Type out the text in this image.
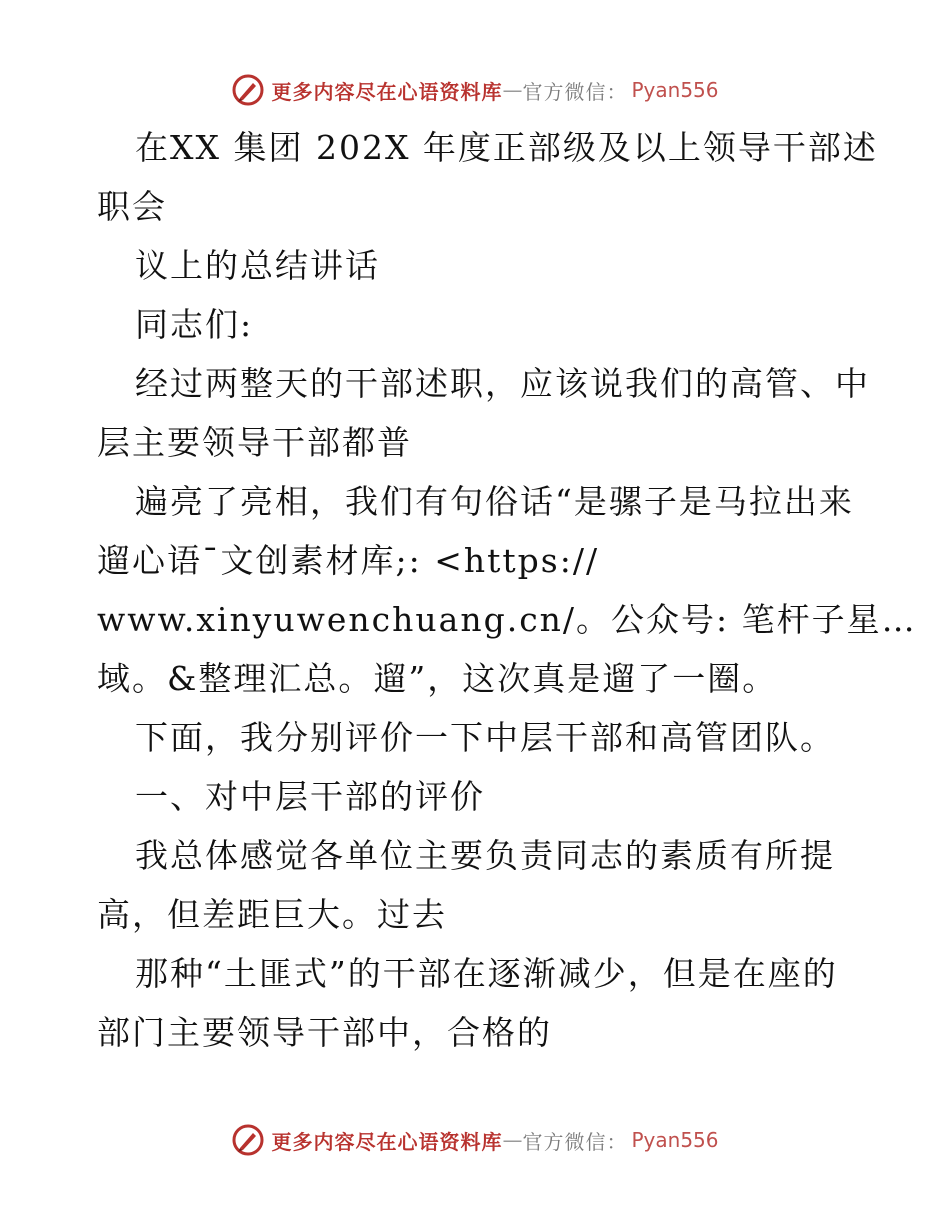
更多内容尽在心语资料库 — 官方微信： Pyan556
在XX 集团 202X 年度正部级及以上领导干部述
职会
议上的总结讲话
同志们:
经过两整天的干部述职，应该说我们的高管、中
层主要领导干部都普
遍亮了亮相，我们有句俗话“是骡子是马拉出来
遛心语¯文创素材库;: <https://
www.xinyuwenchuang.cn/。公众号: 笔杆子星…
域。&整理汇总。遛”，这次真是遛了一圈。
下面，我分别评价一下中层干部和高管团队。
一、对中层干部的评价
我总体感觉各单位主要负责同志的素质有所提
高，但差距巨大。过去
那种“土匪式”的干部在逐渐减少，但是在座的
部门主要领导干部中，合格的
更多内容尽在心语资料库 — 官方微信： Pyan556
